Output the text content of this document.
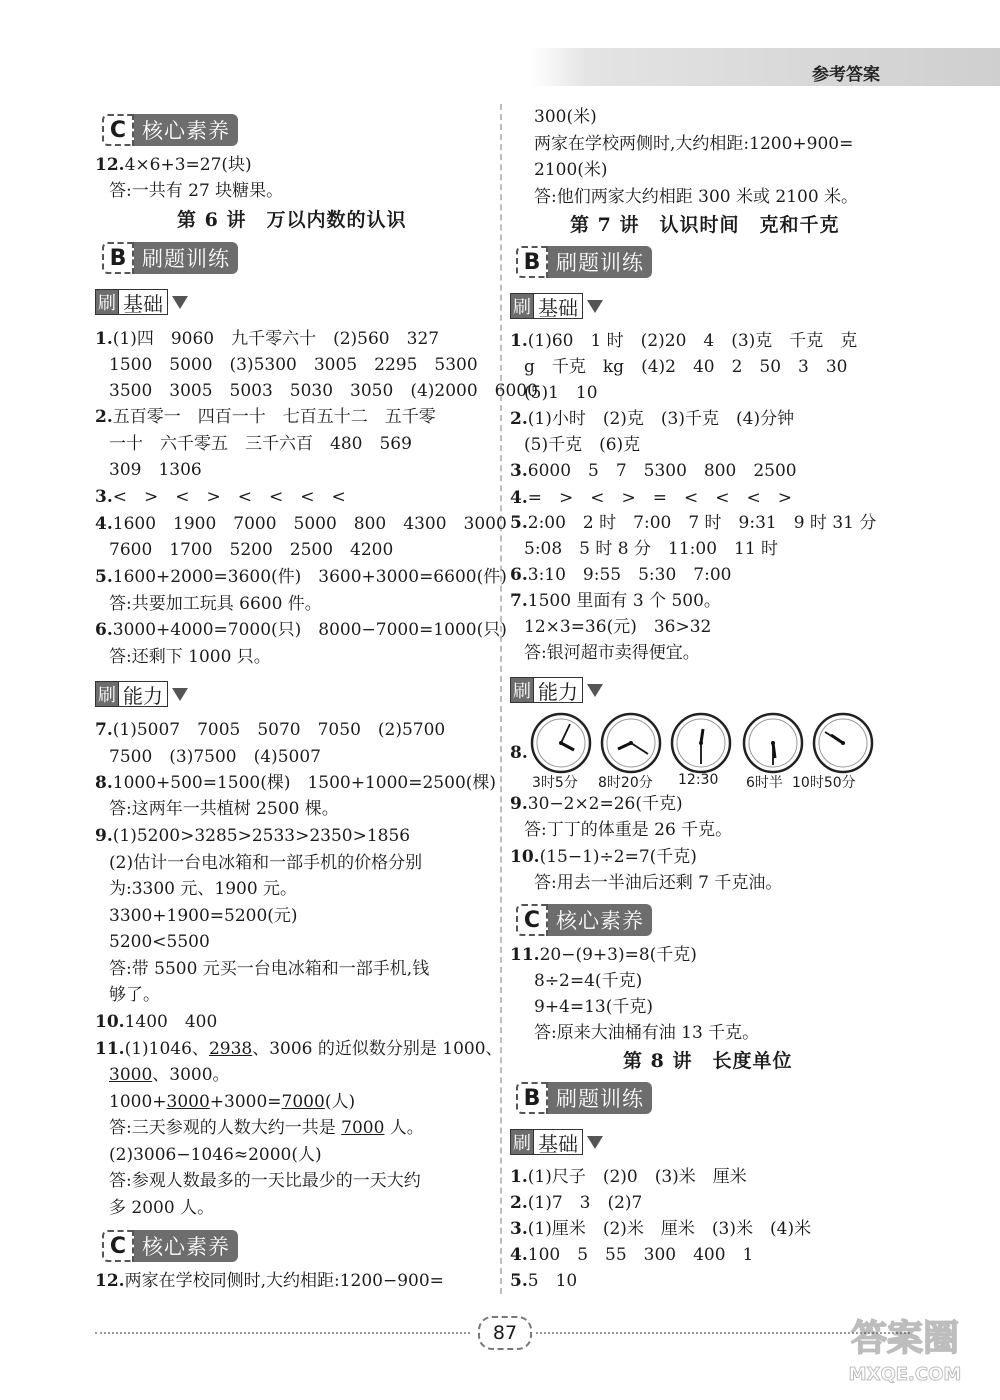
参考答案
C 核心素养
12.4×6+3=27(块)
答:一共有 27 块糖果。
第 6 讲　万以内数的认识
B 刷题训练
刷 基础
1.(1)四　9060　九千零六十　(2)560　327
1500　5000　(3)5300　3005　2295　5300
3500　3005　5003　5030　3050　(4)2000　6000
2.五百零一　四百一十　七百五十二　五千零
一十　六千零五　三千六百　480　569
309　1306
3.<　>　<　>　<　<　<　<
4.1600　1900　7000　5000　800　4300　3000
7600　1700　5200　2500　4200
5.1600+2000=3600(件)　3600+3000=6600(件)
答:共要加工玩具 6600 件。
6.3000+4000=7000(只)　8000−7000=1000(只)
答:还剩下 1000 只。
刷 能力
7.(1)5007　7005　5070　7050　(2)5700
7500　(3)7500　(4)5007
8.1000+500=1500(棵)　1500+1000=2500(棵)
答:这两年一共植树 2500 棵。
9.(1)5200>3285>2533>2350>1856
(2)估计一台电冰箱和一部手机的价格分别
为:3300 元、1900 元。
3300+1900=5200(元)
5200<5500
答:带 5500 元买一台电冰箱和一部手机,钱
够了。
10.1400　400
11.(1)1046、2938、3006 的近似数分别是 1000、
3000、3000。
1000+3000+3000=7000(人)
答:三天参观的人数大约一共是 7000 人。
(2)3006−1046≈2000(人)
答:参观人数最多的一天比最少的一天大约
多 2000 人。
C 核心素养
12.两家在学校同侧时,大约相距:1200−900=
300(米)
两家在学校两侧时,大约相距:1200+900=
2100(米)
答:他们两家大约相距 300 米或 2100 米。
第 7 讲　认识时间　克和千克
B 刷题训练
刷 基础
1.(1)60　1 时　(2)20　4　(3)克　千克　克
g　千克　kg　(4)2　40　2　50　3　30
(5)1　10
2.(1)小时　(2)克　(3)千克　(4)分钟
(5)千克　(6)克
3.6000　5　7　5300　800　2500
4.=　>　<　>　=　<　<　<　>
5.2:00　2 时　7:00　7 时　9:31　9 时 31 分
5:08　5 时 8 分　11:00　11 时
6.3:10　9:55　5:30　7:00
7.1500 里面有 3 个 500。
12×3=36(元)　36>32
答:银河超市卖得便宜。
刷 能力
8.
3时5分 8时20分 12:30 6时半 10时50分
9.30−2×2=26(千克)
答:丁丁的体重是 26 千克。
10.(15−1)÷2=7(千克)
答:用去一半油后还剩 7 千克油。
C 核心素养
11.20−(9+3)=8(千克)
8÷2=4(千克)
9+4=13(千克)
答:原来大油桶有油 13 千克。
第 8 讲　长度单位
B 刷题训练
刷 基础
1.(1)尺子　(2)0　(3)米　厘米
2.(1)7　3　(2)7
3.(1)厘米　(2)米　厘米　(3)米　(4)米
4.100　5　55　300　400　1
5.5　10
87	答案圈
MXQE.COM
